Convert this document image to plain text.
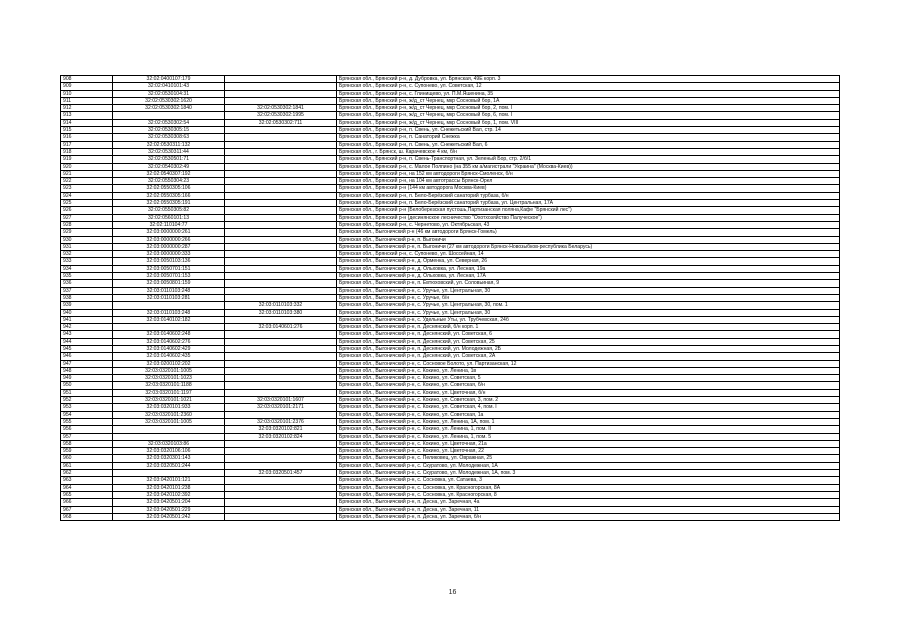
908	32:02:0400107:179		Брянская обл., Брянский р-н, д. Дубровка, ул. Брянская, 49Е корп. 3
909	32:02:0410101:43		Брянская обл., Брянский р-н, с. Супонево, ул. Советская, 12
910	32:02:0530104:31		Брянская обл., Брянский р-н, с. Глинищево, ул. П.М.Яшенина, 35
911	32:02:0530302:1620		Брянская обл., Брянский р-н, ж/д_ст Чернец, мкр Сосновый бор, 1А
912	32:02:0530302:1840	32:02:0530302:1841	Брянская обл., Брянский р-н, ж/д_ст Чернец, мкр Сосновый бор, 2, пом. I
913		32:02:0530302:1995	Брянская обл., Брянский р-н, ж/д_ст Чернец, мкр Сосновый бор, 6, пом. I
914	32:02:0530302:54	32:02:0530302:711	Брянская обл., Брянский р-н, ж/д_ст Чернец, мкр Сосновый бор, 1, пом. VIII
915	32:02:0530305:15		Брянская обл., Брянский р-н, п. Свень, ул. Снежетьский Вал, стр. 14
916	32:02:0530308:63		Брянская обл., Брянский р-н, п. Санаторий Снежка
917	32:02:0530311:132		Брянская обл., Брянский р-н, п. Свень, ул. Снежетьский Вал, 6
918	32:02:0530311:44		Брянская обл., г. Брянск, ш. Карачевское 4 км, б/н
919	32:02:0530501:71		Брянская обл., Брянский р-н, п. Свень-Транспортная, ул. Зеленый Бор, стр. 2/б/1
920	32:02:0540302:49		Брянская обл., Брянский р-н, с. Малое Полпино (на 355 км а/магистрали "Украина" (Москва-Киев))
921	32:02:0540307:192		Брянская обл., Брянский р-н, на 152 км автодороги Брянск-Смоленск, б/н
922	32:02:0550304:23		Брянская обл., Брянский р-н, на 104 км автотрассы Брянск-Орел
923	32:02:0550305:106		Брянская обл., Брянский р-н (144 км автодорога Москва-Киев)
924	32:02:0550305:166		Брянская обл., Брянский р-н, п. Бело-Берёзский санаторий турбаза, б/н
925	32:02:0550305:191		Брянская обл., Брянский р-н, п. Бело-Берёзский санаторий турбаза, ул. Центральная, 17А
926	32:02:0550305:82		Брянская обл., Брянский р-н (Белоберезская пустошь,Партизанская поляна,Кафе "Брянский лес")
927	32:02:0560101:13		Брянская обл., Брянский р-н (десинянское лесничество "Охотхозяйство Палуческое")
928	32:02:110104:77		Брянская обл., Брянский р-н, с. Чернетово, ул. Октябрьская, 43
929	32:03:0000000:261		Брянская обл., Выгоничский р-н (46 км автодороги Брянск-Гомель)
930	32:03:0000000:266		Брянская обл., Выгоничский р-н, п. Выгоничи
931	32:03:0000000:287		Брянская обл., Выгоничский р-н, п. Выгоничи (27 км автодороги Брянск-Новозыбков-республика Беларусь)
932	32:03:0000000:333		Брянская обл., Брянский р-н, с. Супонево, ул. Шоссейная, 14
933	32:03:0050103:136		Брянская обл., Выгоничский р-н, д. Орменка, ул. Северная, 26
934	32:03:0050701:151		Брянская обл., Выгоничский р-н, д. Ольховка, ул. Лесная, 19а
935	32:03:0050701:153		Брянская обл., Выгоничский р-н, д. Ольховка, ул. Лесная, 17А
936	32:03:0050801:159		Брянская обл., Выгоничский р-н, п. Евтюховский, ул. Соловьиная, 9
937	32:03:0110103:248		Брянская обл., Выгоничский р-н, с. Уручье, ул. Центральная, 30
938	32:03:0110103:281		Брянская обл., Выгоничский р-н, с. Уручье, б/н
939		32:03:0110103:332	Брянская обл., Выгоничский р-н, с. Уручье, ул. Центральная, 30, пом. 1
940	32:03:0110103:248	32:03:0110103:380	Брянская обл., Выгоничский р-н, с. Уручье, ул. Центральная, 30
941	32:03:0140102:182		Брянская обл., Выгоничский р-н, с. Удельные Уты, ул. Трубчевская, 24б
942		32:03:0140601:276	Брянская обл., Выгоничский р-н, п. Деснянский, б/н корп. 1
943	32:03:0140602:248		Брянская обл., Выгоничский р-н, п. Деснянский, ул. Советская, 6
944	32:03:0140602:276		Брянская обл., Выгоничский р-н, п. Деснянский, ул. Советская, 25
945	32:03:0140602:429		Брянская обл., Выгоничский р-н, п. Деснянский, ул. Молодежная, 2Б
946	32:03:0140602:435		Брянская обл., Выгоничский р-н, п. Деснянский, ул. Советская, 2А
947	32:03:0200102:202		Брянская обл., Выгоничский р-н, с. Сосновое Болото, ул. Партизанская, 12
948	32:03:0320101:1005		Брянская обл., Выгоничский р-н, с. Кокино, ул. Ленина, 1в
949	32:03:0320101:1023		Брянская обл., Выгоничский р-н, с. Кокино, ул. Советская, 5
950	32:03:0320101:1188		Брянская обл., Выгоничский р-н, с. Кокино, ул. Советская, б/н
951	32:03:0320101:1197		Брянская обл., Выгоничский р-н, с. Кокино, ул. Цветочная, б/н
952	32:03:0320101:1021	32:03:0320101:1607	Брянская обл., Выгоничский р-н, с. Кокино, ул. Советская, 3, пом. 2
953	32:03:0320101:933	32:03:0320101:2171	Брянская обл., Выгоничский р-н, с. Кокино, ул. Советская, 4, пом. I
954	32:03:0320101:2360		Брянская обл., Выгоничский р-н, с. Кокино, ул. Советская, 1а
955	32:03:0320101:1005	32:03:0320101:2376	Брянская обл., Выгоничский р-н, с. Кокино, ул. Ленина, 1А, пом. 1
956		32:03:0320102:821	Брянская обл., Выгоничский р-н, с. Кокино, ул. Ленина, 1, пом. II
957		32:03:0320102:824	Брянская обл., Выгоничский р-н, с. Кокино, ул. Ленина, 1, пом. 5
958	32:03:0320103:86		Брянская обл., Выгоничский р-н, с. Кокино, ул. Цветочная, 21а
959	32:03:0320106:106		Брянская обл., Выгоничский р-н, с. Кокино, ул. Цветочная, 22
960	32:03:0320301:143		Брянская обл., Выгоничский р-н, с. Пеликовец, ул. Овражная, 25
961	32:03:0320501:244		Брянская обл., Выгоничский р-н, с. Скуратово, ул. Молодежная, 1А
962		32:03:0320501:457	Брянская обл., Выгоничский р-н, с. Скуратово, ул. Молодежная, 1А, пом. 3
963	32:03:0420101:121		Брянская обл., Выгоничский р-н, с. Сосновка, ул. Сатаева, 3
964	32:03:0420101:238		Брянская обл., Выгоничский р-н, с. Сосновка, ул. Красногорская, 8А
965	32:03:0420102:392		Брянская обл., Выгоничский р-н, с. Сосновка, ул. Красногорская, 8
966	32:03:0420501:204		Брянская обл., Выгоничский р-н, п. Десна, ул. Заречная, 4а
967	32:03:0420501:229		Брянская обл., Выгоничский р-н, п. Десна, ул. Заречная, 11
968	32:03:0420501:242		Брянская обл., Выгоничский р-н, п. Десна, ул. Заречная, б/н
16
